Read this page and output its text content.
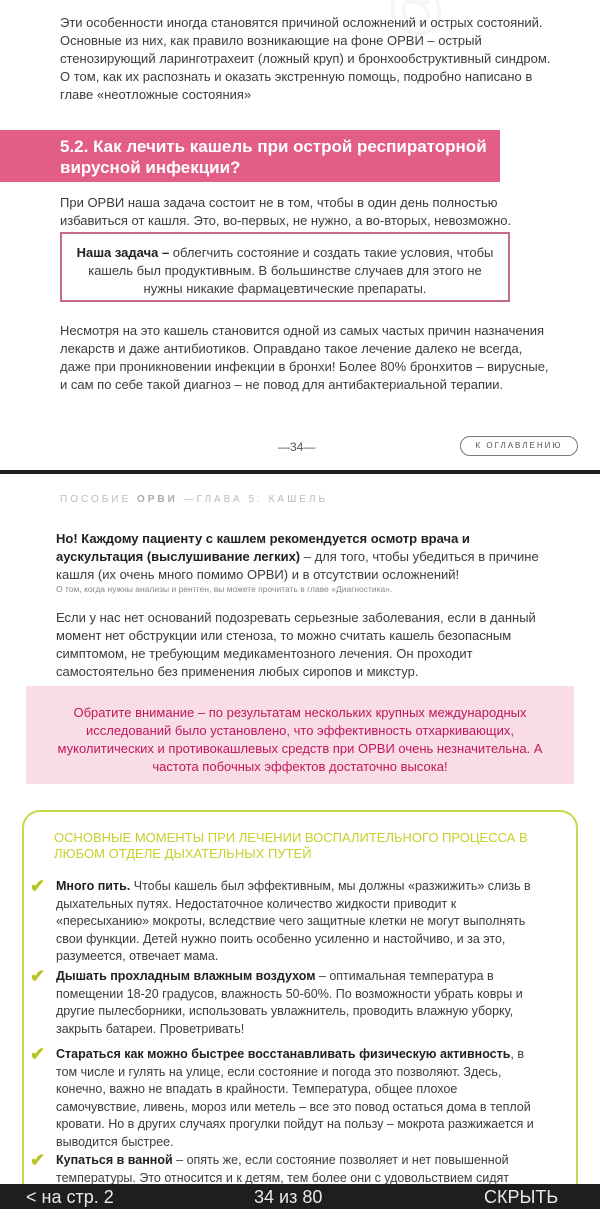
Эти особенности иногда становятся причиной осложнений и острых состояний. Основные из них, как правило возникающие на фоне ОРВИ – острый стенозирующий ларинготрахеит (ложный круп) и бронхообструктивный синдром. О том, как их распознать и оказать экстренную помощь, подробно написано в главе «неотложные состояния»

5.2. Как лечить кашель при острой респираторной вирусной инфекции?

При ОРВИ наша задача состоит не в том, чтобы в один день полностью избавиться от кашля. Это, во-первых, не нужно, а во-вторых, невозможно.

Наша задача – облегчить состояние и создать такие условия, чтобы кашель был продуктивным. В большинстве случаев для этого не нужны никакие фармацевтические препараты.

Несмотря на это кашель становится одной из самых частых причин назначения лекарств и даже антибиотиков. Оправдано такое лечение далеко не всегда, даже при проникновении инфекции в бронхи! Более 80% бронхитов – вирусные, и сам по себе такой диагноз – не повод для антибактериальной терапии.

—34—	К ОГЛАВЛЕНИЮ
ПОСОБИЕ ОРВИ —ГЛАВА 5. КАШЕЛЬ

Но! Каждому пациенту с кашлем рекомендуется осмотр врача и аускультация (выслушивание легких) – для того, чтобы убедиться в причине кашля (их очень много помимо ОРВИ) и в отсутствии осложнений!

О том, когда нужны анализы и рентген, вы можете прочитать в главе «Диагностика».

Если у нас нет оснований подозревать серьезные заболевания, если в данный момент нет обструкции или стеноза, то можно считать кашель безопасным симптомом, не требующим медикаментозного лечения. Он проходит самостоятельно без применения любых сиропов и микстур.

Обратите внимание – по результатам нескольких крупных международных исследований было установлено, что эффективность отхаркивающих, муколитических и противокашлевых средств при ОРВИ очень незначительна. А частота побочных эффектов достаточно высока!

ОСНОВНЫЕ МОМЕНТЫ ПРИ ЛЕЧЕНИИ ВОСПАЛИТЕЛЬНОГО ПРОЦЕССА В ЛЮБОМ ОТДЕЛЕ ДЫХАТЕЛЬНЫХ ПУТЕЙ

✔ Много пить. Чтобы кашель был эффективным, мы должны «разжижить» слизь в дыхательных путях. Недостаточное количество жидкости приводит к «пересыханию» мокроты, вследствие чего защитные клетки не могут выполнять свои функции. Детей нужно поить особенно усиленно и настойчиво, и за это, разумеется, отвечает мама.

✔ Дышать прохладным влажным воздухом – оптимальная температура в помещении 18-20 градусов, влажность 50-60%. По возможности убрать ковры и другие пылесборники, использовать увлажнитель, проводить влажную уборку, закрыть батареи. Проветривать!

✔ Стараться как можно быстрее восстанавливать физическую активность, в том числе и гулять на улице, если состояние и погода это позволяют. Здесь, конечно, важно не впадать в крайности. Температура, общее плохое самочувствие, ливень, мороз или метель – все это повод остаться дома в теплой кровати. Но в других случаях прогулки пойдут на пользу – мокрота разжижается и выводится быстрее.

✔ Купаться в ванной – опять же, если состояние позволяет и нет повышенной температуры. Это относится и к детям, тем более они с удовольствием сидят

< на стр. 2	34 из 80	СКРЫТЬ
